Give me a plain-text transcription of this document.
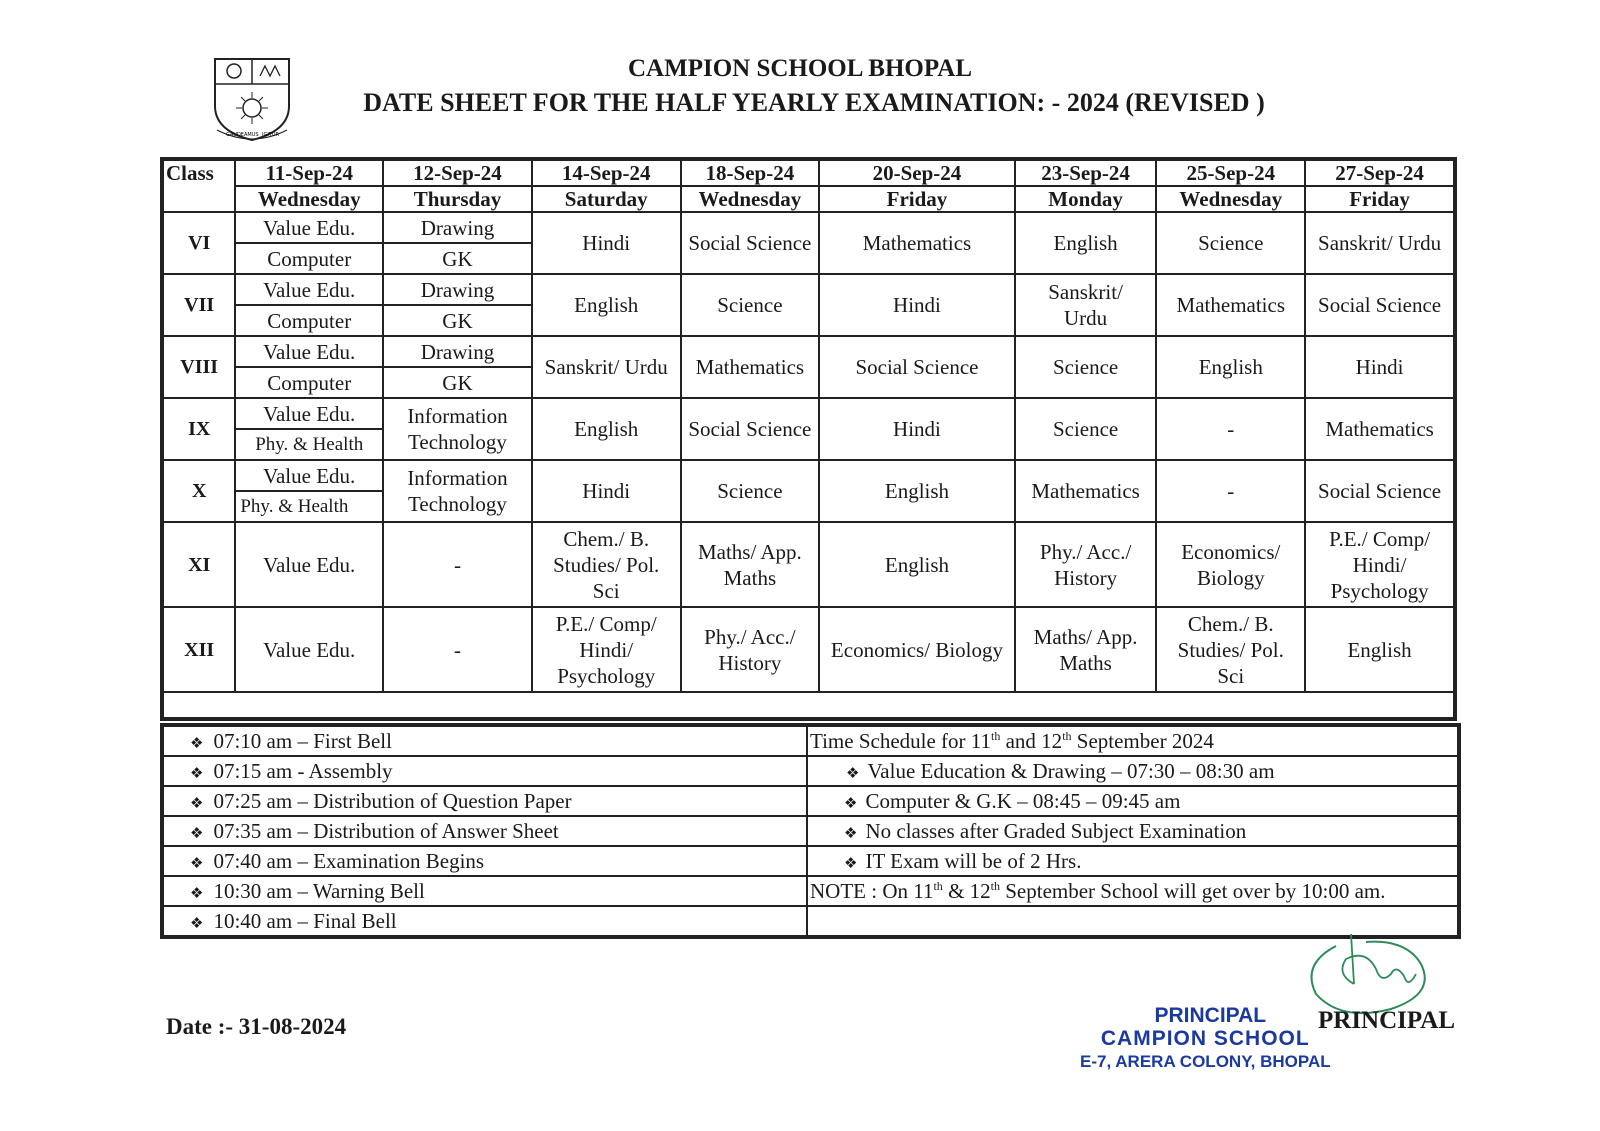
GAUDEAMUS IGITUR
CAMPION SCHOOL BHOPAL
DATE SHEET FOR THE HALF YEARLY EXAMINATION: - 2024 (REVISED )
Class	11-Sep-24	12-Sep-24	14-Sep-24	18-Sep-24	20-Sep-24	23-Sep-24	25-Sep-24	27-Sep-24
	Wednesday	Thursday	Saturday	Wednesday	Friday	Monday	Wednesday	Friday
VI	Value Edu.	Drawing	Hindi	Social Science	Mathematics	English	Science	Sanskrit/ Urdu
	Computer	GK						
VII	Value Edu.	Drawing	English	Science	Hindi	Sanskrit/ Urdu	Mathematics	Social Science
	Computer	GK						
VIII	Value Edu.	Drawing	Sanskrit/ Urdu	Mathematics	Social Science	Science	English	Hindi
	Computer	GK						
IX	Value Edu.	Information Technology	English	Social Science	Hindi	Science	-	Mathematics
	Phy. & Health							
X	Value Edu.	Information Technology	Hindi	Science	English	Mathematics	-	Social Science
	Phy. & Health							
XI	Value Edu.	-	Chem./ B. Studies/ Pol. Sci	Maths/ App. Maths	English	Phy./ Acc./ History	Economics/ Biology	P.E./ Comp/ Hindi/ Psychology
XII	Value Edu.	-	P.E./ Comp/ Hindi/ Psychology	Phy./ Acc./ History	Economics/ Biology	Maths/ App. Maths	Chem./ B. Studies/ Pol. Sci	English

❖ 07:10 am – First Bell	Time Schedule for 11th and 12th September 2024
❖ 07:15 am - Assembly	❖ Value Education & Drawing – 07:30 – 08:30 am
❖ 07:25 am – Distribution of Question Paper	❖ Computer & G.K – 08:45 – 09:45 am
❖ 07:35 am – Distribution of Answer Sheet	❖ No classes after Graded Subject Examination
❖ 07:40 am – Examination Begins	❖ IT Exam will be of 2 Hrs.
❖ 10:30 am – Warning Bell	NOTE : On 11th & 12th September School will get over by 10:00 am.
❖ 10:40 am – Final Bell	
Date :- 31-08-2024	PRINCIPAL
CAMPION SCHOOL
E-7, ARERA COLONY, BHOPAL
PRINCIPAL
